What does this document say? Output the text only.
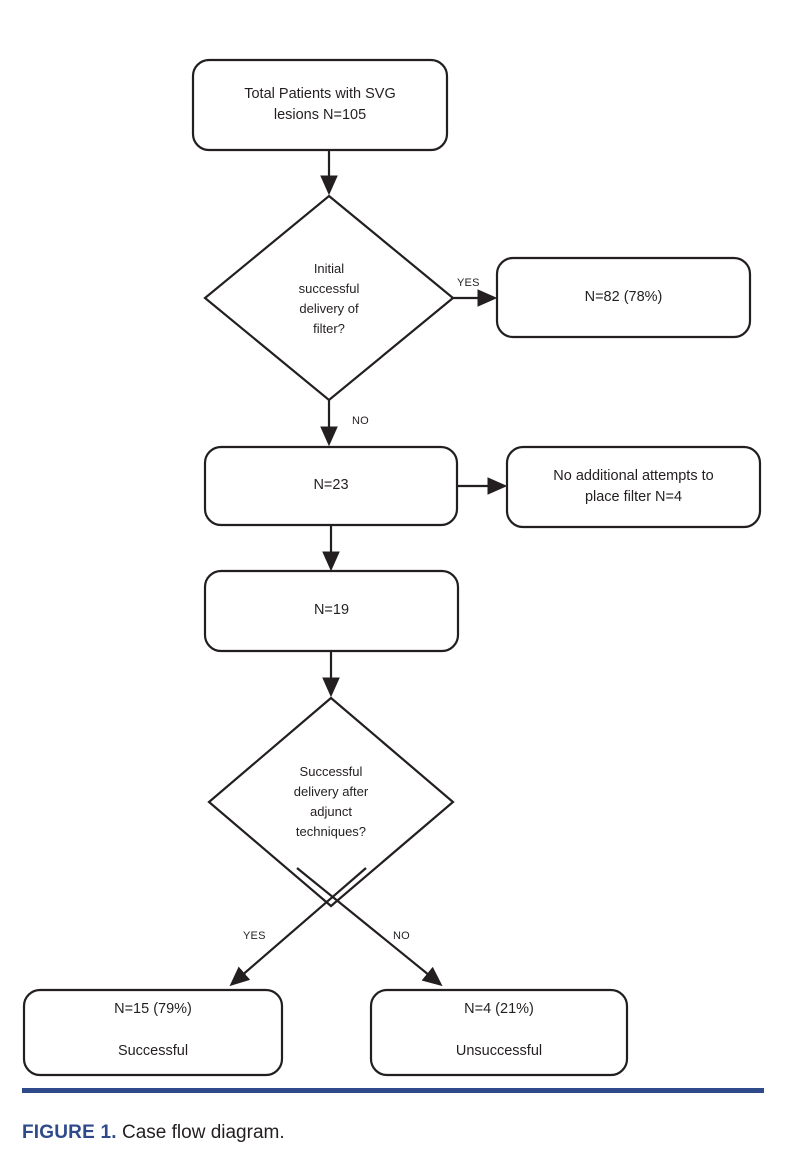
Total Patients with SVG
lesions N=105
Initial
successful
delivery of
filter?
N=82 (78%)
N=23
No additional attempts to
place filter N=4
N=19
Successful
delivery after
adjunct
techniques?
N=15 (79%)
Successful
N=4 (21%)
Unsuccessful
YES
NO
YES	NO
FIGURE 1. Case flow diagram.
